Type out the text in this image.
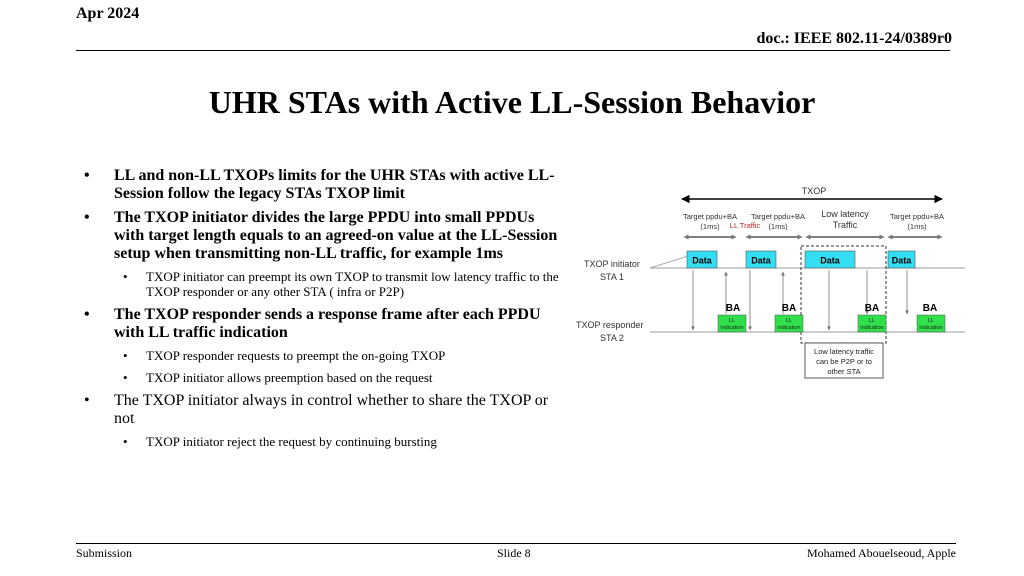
Apr 2024
doc.: IEEE 802.11-24/0389r0
UHR STAs with Active LL-Session Behavior
• LL and non-LL TXOPs limits for the UHR STAs with active LL-Session follow the legacy STAs TXOP limit
• The TXOP initiator divides the large PPDU into small PPDUs with target length equals to an agreed-on value at the LL-Session setup when transmitting non-LL traffic, for example 1ms
• TXOP initiator can preempt its own TXOP to transmit low latency traffic to the TXOP responder or any other STA ( infra or P2P)
• The TXOP responder sends a response frame after each PPDU with LL traffic indication
• TXOP responder requests to preempt the on-going TXOP
• TXOP initiator allows preemption based on the request
• The TXOP initiator always in control whether to share the TXOP or not
• TXOP initiator reject the request by continuing bursting
TXOP
Target ppdu+BA (1ms)
Target ppdu+BA (1ms)
Target ppdu+BA (1ms)
LL Traffic
Low latency Traffic
TXOP initiator STA 1
TXOP responder STA 2
Data	Data	Data	Data
BA	BA	BA	BA
LL indication
LL indication
LL indication
LL indication
Low latency traffic can be P2P or to other STA
Submission	Slide 8	Mohamed Abouelseoud, Apple
